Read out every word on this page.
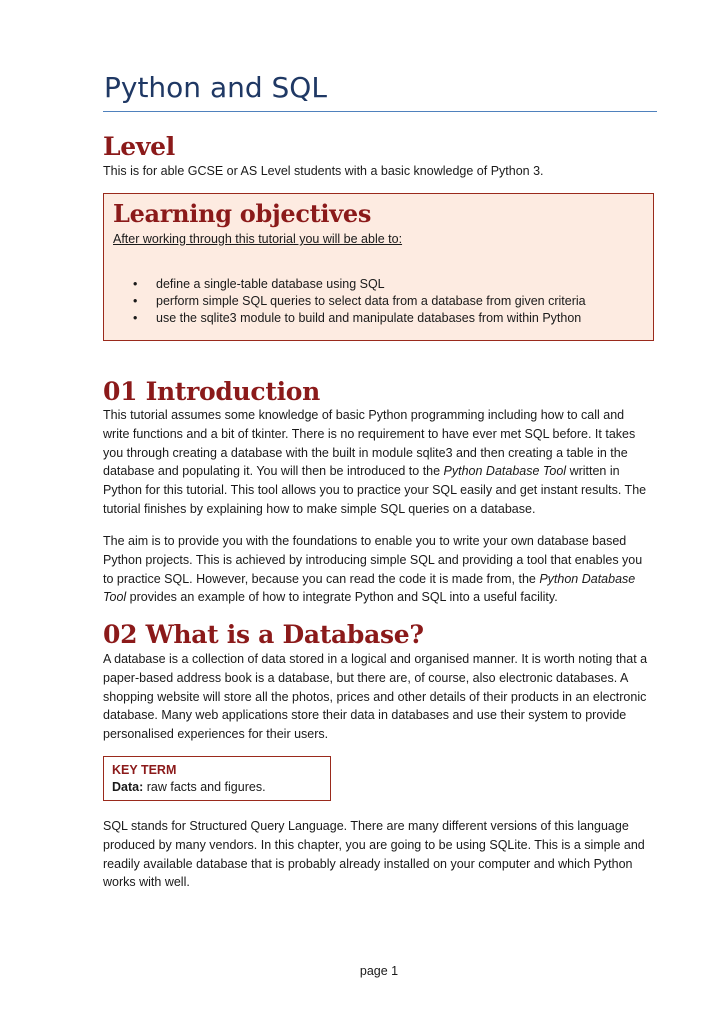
Python and SQL
Level

This is for able GCSE or AS Level students with a basic knowledge of Python 3.

Learning objectives

After working through this tutorial you will be able to:

• define a single-table database using SQL
• perform simple SQL queries to select data from a database from given criteria
• use the sqlite3 module to build and manipulate databases from within Python
01 Introduction

This tutorial assumes some knowledge of basic Python programming including how to call and write functions and a bit of tkinter. There is no requirement to have ever met SQL before. It takes you through creating a database with the built in module sqlite3 and then creating a table in the database and populating it. You will then be introduced to the Python Database Tool written in Python for this tutorial. This tool allows you to practice your SQL easily and get instant results. The tutorial finishes by explaining how to make simple SQL queries on a database.

The aim is to provide you with the foundations to enable you to write your own database based Python projects. This is achieved by introducing simple SQL and providing a tool that enables you to practice SQL. However, because you can read the code it is made from, the Python Database Tool provides an example of how to integrate Python and SQL into a useful facility.

02 What is a Database?

A database is a collection of data stored in a logical and organised manner. It is worth noting that a paper-based address book is a database, but there are, of course, also electronic databases. A shopping website will store all the photos, prices and other details of their products in an electronic database. Many web applications store their data in databases and use their system to provide personalised experiences for their users.

KEY TERM

Data: raw facts and figures.

SQL stands for Structured Query Language. There are many different versions of this language produced by many vendors. In this chapter, you are going to be using SQLite. This is a simple and readily available database that is probably already installed on your computer and which Python works with well.

page 1
